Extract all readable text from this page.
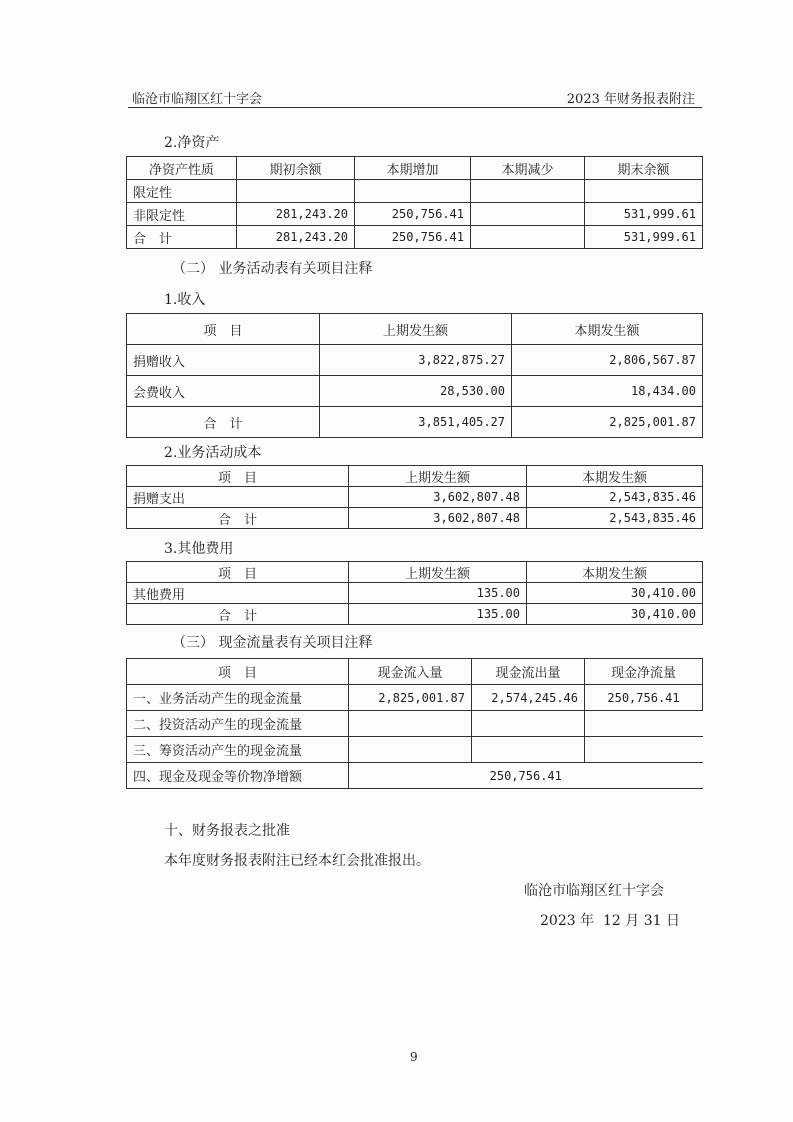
临沧市临翔区红十字会	2023 年财务报表附注
2.净资产
净资产性质	期初余额	本期增加	本期减少	期末余额
限定性				
非限定性	281,243.20	250,756.41		531,999.61
合　计	281,243.20	250,756.41		531,999.61
（二） 业务活动表有关项目注释
1.收入
项　目	上期发生额	本期发生额
捐赠收入	3,822,875.27	2,806,567.87
会费收入	28,530.00	18,434.00
合　计	3,851,405.27	2,825,001.87
2.业务活动成本
项　目	上期发生额	本期发生额
捐赠支出	3,602,807.48	2,543,835.46
合　计	3,602,807.48	2,543,835.46
3.其他费用
项　目	上期发生额	本期发生额
其他费用	135.00	30,410.00
合　计	135.00	30,410.00
（三） 现金流量表有关项目注释
项　目	现金流入量	现金流出量	现金净流量
一、业务活动产生的现金流量	2,825,001.87	2,574,245.46	250,756.41
二、投资活动产生的现金流量			
三、筹资活动产生的现金流量			
四、现金及现金等价物净增额	250,756.41		
十、财务报表之批准
本年度财务报表附注已经本红会批准报出。
临沧市临翔区红十字会
2023 年  12 月 31 日
9
